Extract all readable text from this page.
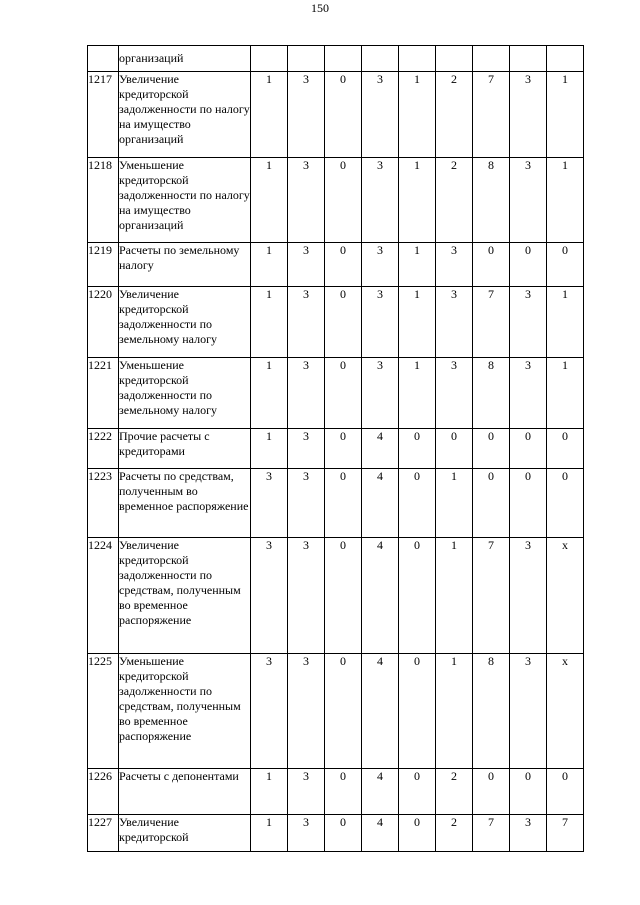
150
	организаций									
1217	Увеличение кредиторской задолженности по налогу на имущество организаций	1	3	0	3	1	2	7	3	1
1218	Уменьшение кредиторской задолженности по налогу на имущество организаций	1	3	0	3	1	2	8	3	1
1219	Расчеты по земельному налогу	1	3	0	3	1	3	0	0	0
1220	Увеличение кредиторской задолженности по земельному налогу	1	3	0	3	1	3	7	3	1
1221	Уменьшение кредиторской задолженности по земельному налогу	1	3	0	3	1	3	8	3	1
1222	Прочие расчеты с кредиторами	1	3	0	4	0	0	0	0	0
1223	Расчеты по средствам, полученным во временное распоряжение	3	3	0	4	0	1	0	0	0
1224	Увеличение кредиторской задолженности по средствам, полученным во временное распоряжение	3	3	0	4	0	1	7	3	х
1225	Уменьшение кредиторской задолженности по средствам, полученным во временное распоряжение	3	3	0	4	0	1	8	3	х
1226	Расчеты с депонентами	1	3	0	4	0	2	0	0	0
1227	Увеличение кредиторской	1	3	0	4	0	2	7	3	7
